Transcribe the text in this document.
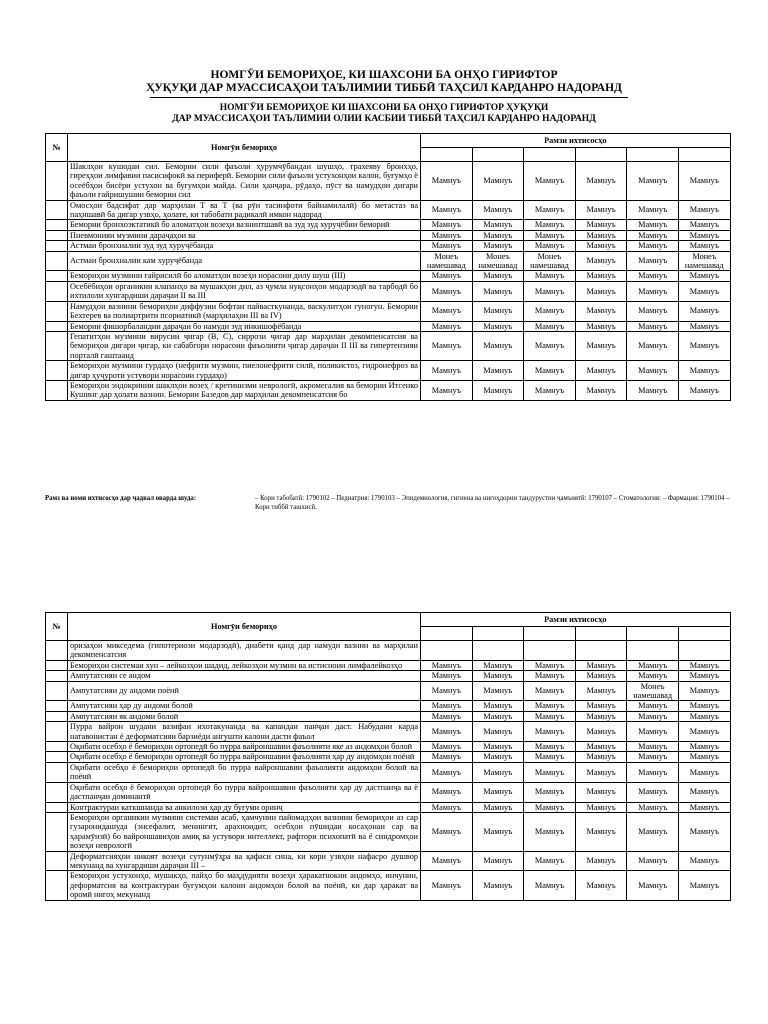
НОМГӮИ БЕМОРИҲОЕ, КИ ШАХСОНИ БА ОНҲО ГИРИФТОР
ҲУҚУҚИ ДАР МУАССИСАҲОИ ТАЪЛИМИИ ТИББӢ ТАҲСИЛ КАРДАНРО НАДОРАНД
НОМГӮИ БЕМОРИҲОЕ КИ ШАХСОНИ БА ОНҲО ГИРИФТОР ҲУҚУҚИ
ДАР МУАССИСАҲОИ ТАЪЛИМИИ ОЛИИ КАСБИИ ТИББӢ ТАҲСИЛ КАРДАНРО НАДОРАНД
№	Номгӯи бемориҳо	Рамзи ихтисосҳо					

	Шаклҳои кушодаи сил. Бемории сили фаъоли ҳурумчӯбандаи шушҳо, трахеяву бронхҳо, гиреҳҳои лимфавии пасисифокӣ ва периферӣ. Бемории сили фаъоли устухонҳои калон, буғумҳо ё осеёбҳои бисёри устухон ва буғумҳои майда. Сили ҳанҷара, рӯдаҳо, пӯст ва намудҳои дигари фаъоли ғайришушии бемории сил	Мамнуъ	Мамнуъ	Мамнуъ	Мамнуъ	Мамнуъ	Мамнуъ
	Омосҳои бадсифат дар марҳилаи Т ва Т (ва рӯи тасинфоти байнамилалӣ) бо метастаз ва паҳншавӣ ба дигар узвҳо, ҳолате, ки табобати радикалӣ имкон надорад	Мамнуъ	Мамнуъ	Мамнуъ	Мамнуъ	Мамнуъ	Мамнуъ
	Бемории бронхоэктатикӣ бо аломатҳои возеҳи вазнинтшавӣ ва зуд зуд хуруҷёбии бемориӣ	Мамнуъ	Мамнуъ	Мамнуъ	Мамнуъ	Мамнуъ	Мамнуъ
	Пневмонияи музмини дараҷаҳои ва	Мамнуъ	Мамнуъ	Мамнуъ	Мамнуъ	Мамнуъ	Мамнуъ
	Астмаи бронхиалии зуд зуд хуруҷёбанда	Мамнуъ	Мамнуъ	Мамнуъ	Мамнуъ	Мамнуъ	Мамнуъ
	Астмаи бронхиалии кам хуруҷёбанда	Монеъ намешавад	Монеъ намешавад	Монеъ намешавад	Мамнуъ	Мамнуъ	Монеъ намешавад
	Бемориҳои музмини ғайрисилӣ бо аломатҳои возеҳи норасоии дилу шуш (III)	Мамнуъ	Мамнуъ	Мамнуъ	Мамнуъ	Мамнуъ	Мамнуъ
	Осебёбиҳои органикии клапанҳо ва мушакҳои дил, аз ҷумла нуқсонҳои модарзодӣ ва тарбодӣ бо ихтилоли хунгардиши дараҷаи II ва III	Мамнуъ	Мамнуъ	Мамнуъ	Мамнуъ	Мамнуъ	Мамнуъ
	Намудҳои вазнини бемориҳои диффузии бофтаи пайвасткунанда, васкулитҳои гуногун. Бемории Бехтерев ва полиартрити псориатикӣ (марҳилаҳои III ва IV)	Мамнуъ	Мамнуъ	Мамнуъ	Мамнуъ	Мамнуъ	Мамнуъ
	Бемории фишорбаландии дараҷаи бо намуди зуд инкишофёбанда	Мамнуъ	Мамнуъ	Мамнуъ	Мамнуъ	Мамнуъ	Мамнуъ
	Гепатитҳои музмини вирусии ҷигар (В, С), сиррози ҷигар дар марҳилаи декомпенсатсия ва бемориҳои дигари ҷигар, ки сабабгори норасоии фаъолияти ҷигар дараҷаи II III ва гипертензияи порталӣ гаштаанд	Мамнуъ	Мамнуъ	Мамнуъ	Мамнуъ	Мамнуъ	Мамнуъ
	Бемориҳои музмини гурдаҳо (нефрити музмин, пиелонефрити силӣ, поликистоз, гидронефроз ва дигар ҳуҷуроти устувори норасоии гурдаҳо)	Мамнуъ	Мамнуъ	Мамнуъ	Мамнуъ	Мамнуъ	Мамнуъ
	Бемориҳои эндокринии шаклҳои возеҳ / кретинизми неврологӣ, акромегалия ва бемории Итсенко Кушинг дар ҳолати вазнин. Бемории Базедов дар марҳилаи декомпенсатсия бо	Мамнуъ	Мамнуъ	Мамнуъ	Мамнуъ	Мамнуъ	Мамнуъ
Рамз ва номи ихтисосҳо дар ҷадвал оварда шуда:	– Кори табобатӣ: 1790102 – Педиатрия: 1790103 – Эпидемиология, гигиена ва нигоҳдории тандурустии ҷамъиятӣ: 1790107 – Стоматология: – Фармация: 1790104 – Кори тиббӣ ташхисӣ.
№	Номгӯи бемориҳо	Рамзи ихтисосҳо					

	оризаҳои микседема (гипотериози модарзодӣ), диабети қанд дар намуди вазнин ва марҳилаи декомпенсатсия						
	Бемориҳои системаи хун – лейкозҳои шадид, лейкозҳои музмин ва истисноии лимфалейкозҳо	Мамнуъ	Мамнуъ	Мамнуъ	Мамнуъ	Мамнуъ	Мамнуъ
	Ампутатсияи се андом	Мамнуъ	Мамнуъ	Мамнуъ	Мамнуъ	Мамнуъ	Мамнуъ
	Ампутатсияи ду андоми поёнӣ	Мамнуъ	Мамнуъ	Мамнуъ	Мамнуъ	Монеъ намешавад	Мамнуъ
	Ампутатсияи ҳар ду андоми болоӣ	Мамнуъ	Мамнуъ	Мамнуъ	Мамнуъ	Мамнуъ	Мамнуъ
	Ампутатсияи як андоми болоӣ	Мамнуъ	Мамнуъ	Мамнуъ	Мамнуъ	Мамнуъ	Мамнуъ
	Пурра вайрон шудани вазифаи ихотакунанда ва капандаи панҷаи даст. Набудани карда натавонистан ё деформатсияи барзиёди ангушти калони дасти фаъол	Мамнуъ	Мамнуъ	Мамнуъ	Мамнуъ	Мамнуъ	Мамнуъ
	Оқибати осебҳо ё бемориҳои ортопедӣ бо пурра вайроншавии фаъолияти яке аз андомҳои болоӣ	Мамнуъ	Мамнуъ	Мамнуъ	Мамнуъ	Мамнуъ	Мамнуъ
	Оқибати осебҳо ё бемориҳои ортопедӣ бо пурра вайроншавии фаъолияти ҳар ду андомҳои поёнӣ	Мамнуъ	Мамнуъ	Мамнуъ	Мамнуъ	Мамнуъ	Мамнуъ
	Оқибати осебҳо ё бемориҳои ортопедӣ бо пурра вайроншавии фаъолияти андомҳои болоӣ ва поёнӣ	Мамнуъ	Мамнуъ	Мамнуъ	Мамнуъ	Мамнуъ	Мамнуъ
	Оқибати осебҳо ё бемориҳои ортопедӣ бо пурра вайроншавии фаъолияти ҳар ду дастпанҷа ва ё дастпанҷаи доминантӣ	Мамнуъ	Мамнуъ	Мамнуъ	Мамнуъ	Мамнуъ	Мамнуъ
	Контрактураи каткшнанда ва анкилози ҳар ду буғуми оринҷ	Мамнуъ	Мамнуъ	Мамнуъ	Мамнуъ	Мамнуъ	Мамнуъ
	Бемориҳои органикии музмини системаи асаб, ҳамчунин пайомадҳои вазнини бемориҳои аз сар гузаронидашуда (энсефалит, менингит, арахноидит, осебҳои пӯшидаи косаҳонаи сар ва ҳарамӯизӣ) бо вайроншавиҳои амиқ ва устувори интеллект, рафтори психопатӣ ва ё синдромҳои возеҳи неврологӣ	Мамнуъ	Мамнуъ	Мамнуъ	Мамнуъ	Мамнуъ	Мамнуъ
	Деформатсияҳои никоят возеҳи сутунмӯҳра ва қафаси сина, ки кори узвҳои нафасро душвор мекунанд ва хунгардиши дараҷаи III –	Мамнуъ	Мамнуъ	Мамнуъ	Мамнуъ	Мамнуъ	Мамнуъ
	Бемориҳои устухонҳо, мушакҳо, пайҳо бо маҳдудияти возеҳи ҳаракатнокии андомҳо, инчунин, деформатсия ва контрактураи буғумҳои калони андомҳои болоӣ ва поёнӣ, ки дар ҳаракат ва оромӣ нигоҳ мекунанд	Мамнуъ	Мамнуъ	Мамнуъ	Мамнуъ	Мамнуъ	Мамнуъ
